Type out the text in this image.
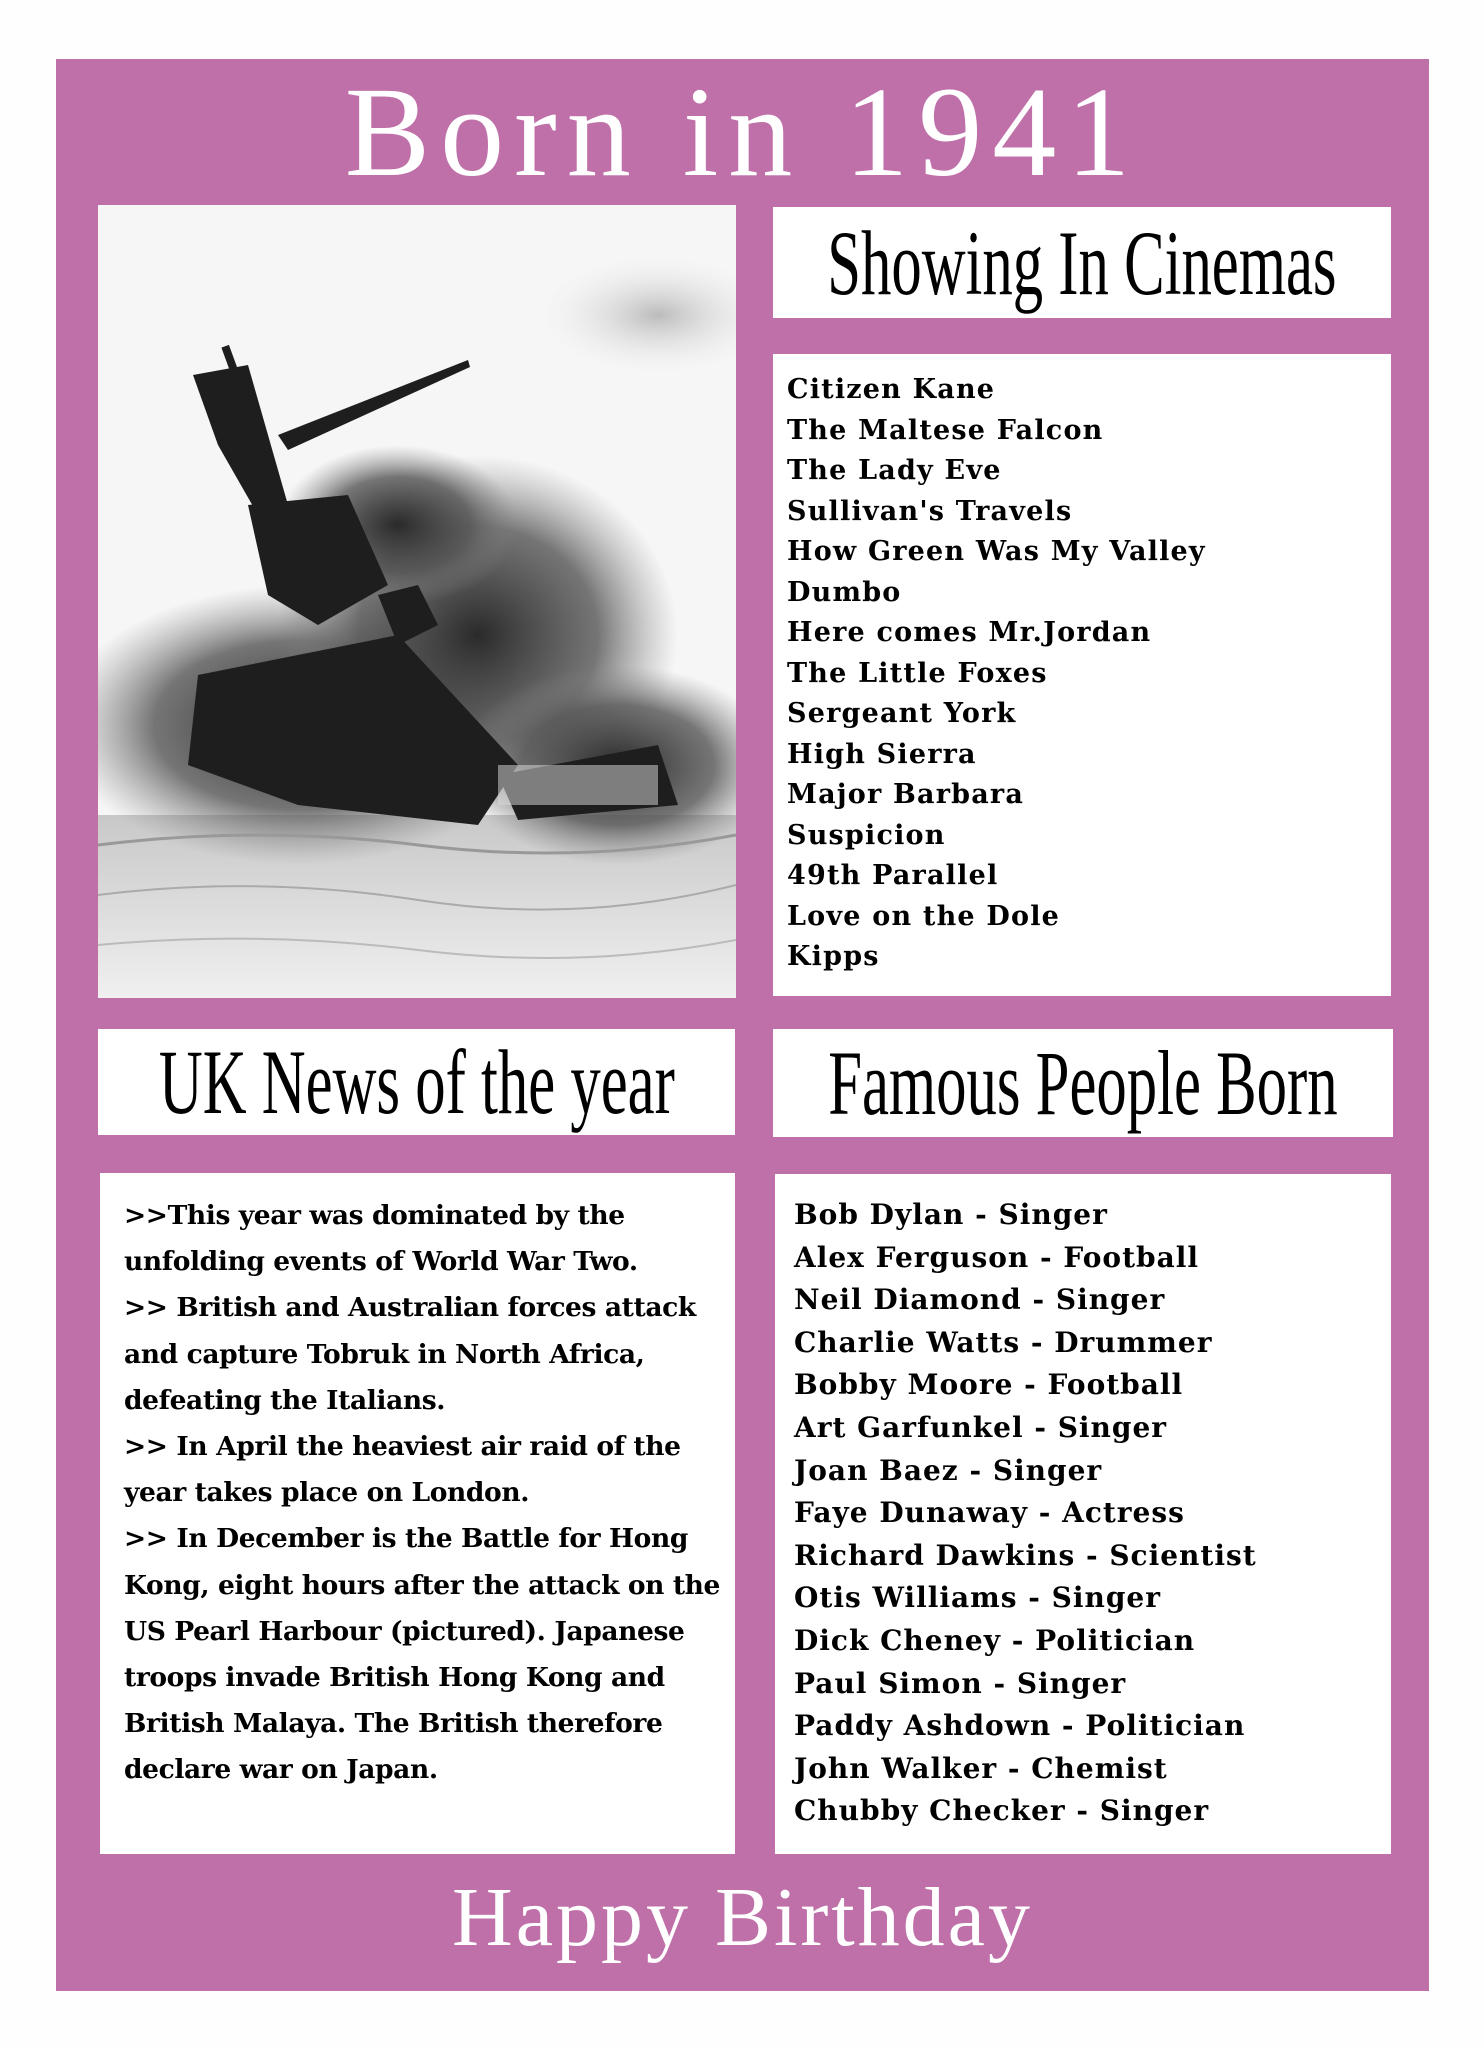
Born in 1941
Showing In Cinemas
Citizen Kane
The Maltese Falcon
The Lady Eve
Sullivan's Travels
How Green Was My Valley
Dumbo
Here comes Mr.Jordan
The Little Foxes
Sergeant York
High Sierra
Major Barbara
Suspicion
49th Parallel
Love on the Dole
Kipps
UK News of the year Famous People Born
>>This year was dominated by the unfolding events of World War Two.
>> British and Australian forces attack and capture Tobruk in North Africa, defeating the Italians.
>> In April the heaviest air raid of the year takes place on London.
>> In December is the Battle for Hong Kong, eight hours after the attack on the US Pearl Harbour (pictured). Japanese troops invade British Hong Kong and British Malaya. The British therefore declare war on Japan.
Bob Dylan - Singer
Alex Ferguson - Football
Neil Diamond - Singer
Charlie Watts - Drummer
Bobby Moore - Football
Art Garfunkel - Singer
Joan Baez - Singer
Faye Dunaway - Actress
Richard Dawkins - Scientist
Otis Williams - Singer
Dick Cheney - Politician
Paul Simon - Singer
Paddy Ashdown - Politician
John Walker - Chemist
Chubby Checker - Singer
Happy Birthday
